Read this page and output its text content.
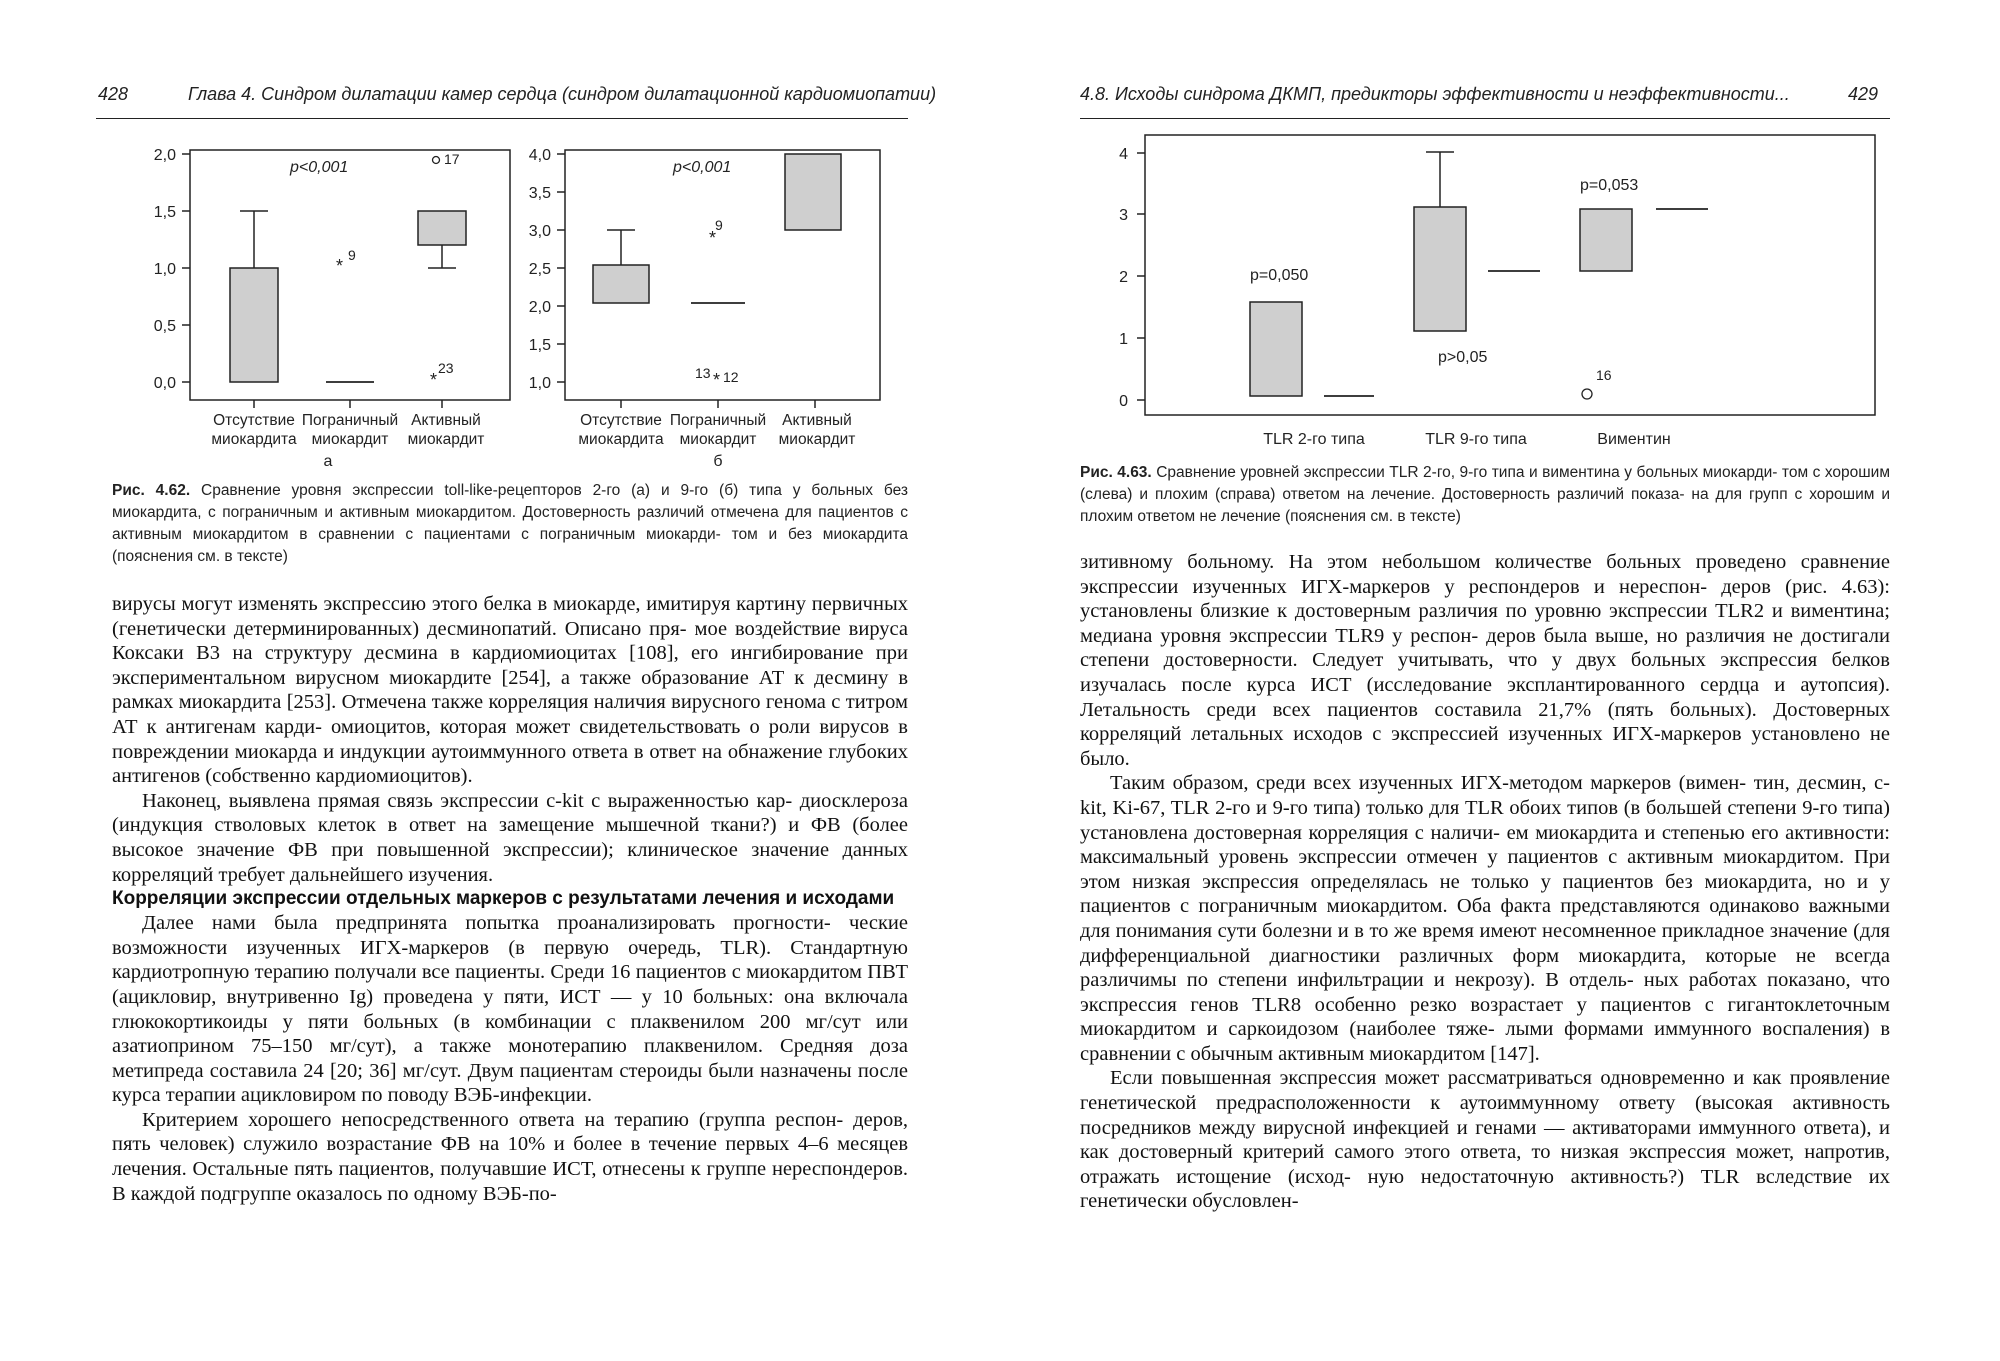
428	Глава 4. Синдром дилатации камер сердца (синдром дилатационной кардиомиопатии)
2,0
1,5
1,0
0,5
0,0
p<0,001
*
9
17
*
23
Отсутствие
миокардита
Пограничный
миокардит
Активный
миокардит
а
4,0
3,5
3,0
2,5
2,0
1,5
1,0
p<0,001
*
9
*
13 12
Отсутствие
миокардита
Пограничный
миокардит
Активный
миокардит
б
Рис. 4.62. Сравнение уровня экспрессии toll-like-рецепторов 2-го (а) и 9-го (б) типа у больных без миокардита, с пограничным и активным миокардитом. Достоверность различий отмечена для пациентов с активным миокардитом в сравнении с пациентами с пограничным миокарди- том и без миокардита (пояснения см. в тексте)

вирусы могут изменять экспрессию этого белка в миокарде, имитируя картину первичных (генетически детерминированных) десминопатий. Описано пря- мое воздействие вируса Коксаки B3 на структуру десмина в кардиомиоцитах [108], его ингибирование при экспериментальном вирусном миокардите [254], а также образование АТ к десмину в рамках миокардита [253]. Отмечена также корреляция наличия вирусного генома с титром АТ к антигенам карди- омиоцитов, которая может свидетельствовать о роли вирусов в повреждении миокарда и индукции аутоиммунного ответа в ответ на обнажение глубоких антигенов (собственно кардиомиоцитов).

Наконец, выявлена прямая связь экспрессии c-kit с выраженностью кар- диосклероза (индукция стволовых клеток в ответ на замещение мышечной ткани?) и ФВ (более высокое значение ФВ при повышенной экспрессии); клиническое значение данных корреляций требует дальнейшего изучения.

Корреляции экспрессии отдельных маркеров с результатами лечения и исходами

Далее нами была предпринята попытка проанализировать прогности- ческие возможности изученных ИГХ-маркеров (в первую очередь, TLR). Стандартную кардиотропную терапию получали все пациенты. Среди 16 пациентов с миокардитом ПВТ (ацикловир, внутривенно Ig) проведена у пяти, ИСТ — у 10 больных: она включала глюкокортикоиды у пяти больных (в комбинации с плаквенилом 200 мг/сут или азатиоприном 75–150 мг/сут), а также монотерапию плаквенилом. Средняя доза метипреда составила 24 [20; 36] мг/сут. Двум пациентам стероиды были назначены после курса терапии ацикловиром по поводу ВЭБ-инфекции.

Критерием хорошего непосредственного ответа на терапию (группа респон- деров, пять человек) служило возрастание ФВ на 10% и более в течение первых 4–6 месяцев лечения. Остальные пять пациентов, получавшие ИСТ, отнесены к группе нереспондеров. В каждой подгруппе оказалось по одному ВЭБ-по-

4.8. Исходы синдрома ДКМП, предикторы эффективности и неэффективности...	429
4
3
2
1
0
p=0,050
p>0,05
p=0,053
16
TLR 2-го типа	TLR 9-го типа	Виментин
Рис. 4.63. Сравнение уровней экспрессии TLR 2-го, 9-го типа и виментина у больных миокарди- том с хорошим (слева) и плохим (справа) ответом на лечение. Достоверность различий показа- на для групп с хорошим и плохим ответом не лечение (пояснения см. в тексте)

зитивному больному. На этом небольшом количестве больных проведено сравнение экспрессии изученных ИГХ-маркеров у респондеров и нереспон- деров (рис. 4.63): установлены близкие к достоверным различия по уровню экспрессии TLR2 и виментина; медиана уровня экспрессии TLR9 у респон- деров была выше, но различия не достигали степени достоверности. Следует учитывать, что у двух больных экспрессия белков изучалась после курса ИСТ (исследование эксплантированного сердца и аутопсия). Летальность среди всех пациентов составила 21,7% (пять больных). Достоверных корреляций летальных исходов с экспрессией изученных ИГХ-маркеров установлено не было.

Таким образом, среди всех изученных ИГХ-методом маркеров (вимен- тин, десмин, c-kit, Ki-67, TLR 2-го и 9-го типа) только для TLR обоих типов (в большей степени 9-го типа) установлена достоверная корреляция с наличи- ем миокардита и степенью его активности: максимальный уровень экспрессии отмечен у пациентов с активным миокардитом. При этом низкая экспрессия определялась не только у пациентов без миокардита, но и у пациентов с пограничным миокардитом. Оба факта представляются одинаково важными для понимания сути болезни и в то же время имеют несомненное прикладное значение (для дифференциальной диагностики различных форм миокардита, которые не всегда различимы по степени инфильтрации и некрозу). В отдель- ных работах показано, что экспрессия генов TLR8 особенно резко возрастает у пациентов с гигантоклеточным миокардитом и саркоидозом (наиболее тяже- лыми формами иммунного воспаления) в сравнении с обычным активным миокардитом [147].

Если повышенная экспрессия может рассматриваться одновременно и как проявление генетической предрасположенности к аутоиммунному ответу (высокая активность посредников между вирусной инфекцией и генами — активаторами иммунного ответа), и как достоверный критерий самого этого ответа, то низкая экспрессия может, напротив, отражать истощение (исход- ную недостаточную активность?) TLR вследствие их генетически обусловлен-
